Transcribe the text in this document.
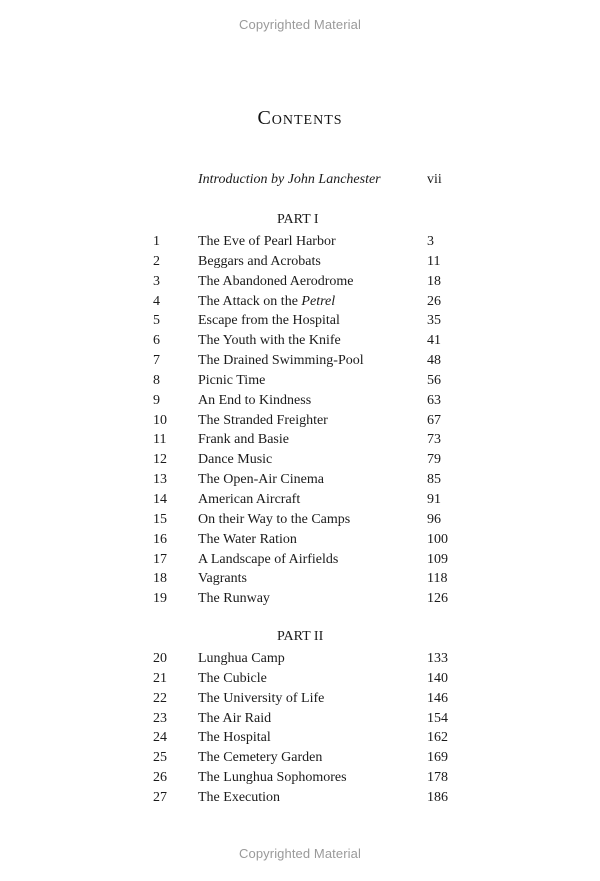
Copyrighted Material
Contents
Introduction by John Lanchester	vii
PART I
1	The Eve of Pearl Harbor	3
2	Beggars and Acrobats	11
3	The Abandoned Aerodrome	18
4	The Attack on the Petrel	26
5	Escape from the Hospital	35
6	The Youth with the Knife	41
7	The Drained Swimming-Pool	48
8	Picnic Time	56
9	An End to Kindness	63
10 The Stranded Freighter	67
11 Frank and Basie	73
12 Dance Music	79
13 The Open-Air Cinema	85
14 American Aircraft	91
15 On their Way to the Camps	96
16 The Water Ration	100
17 A Landscape of Airfields	109
18 Vagrants	118
19 The Runway	126
PART II
20 Lunghua Camp	133
21 The Cubicle	140
22 The University of Life	146
23 The Air Raid	154
24 The Hospital	162
25 The Cemetery Garden	169
26 The Lunghua Sophomores	178
27 The Execution	186
Copyrighted Material
